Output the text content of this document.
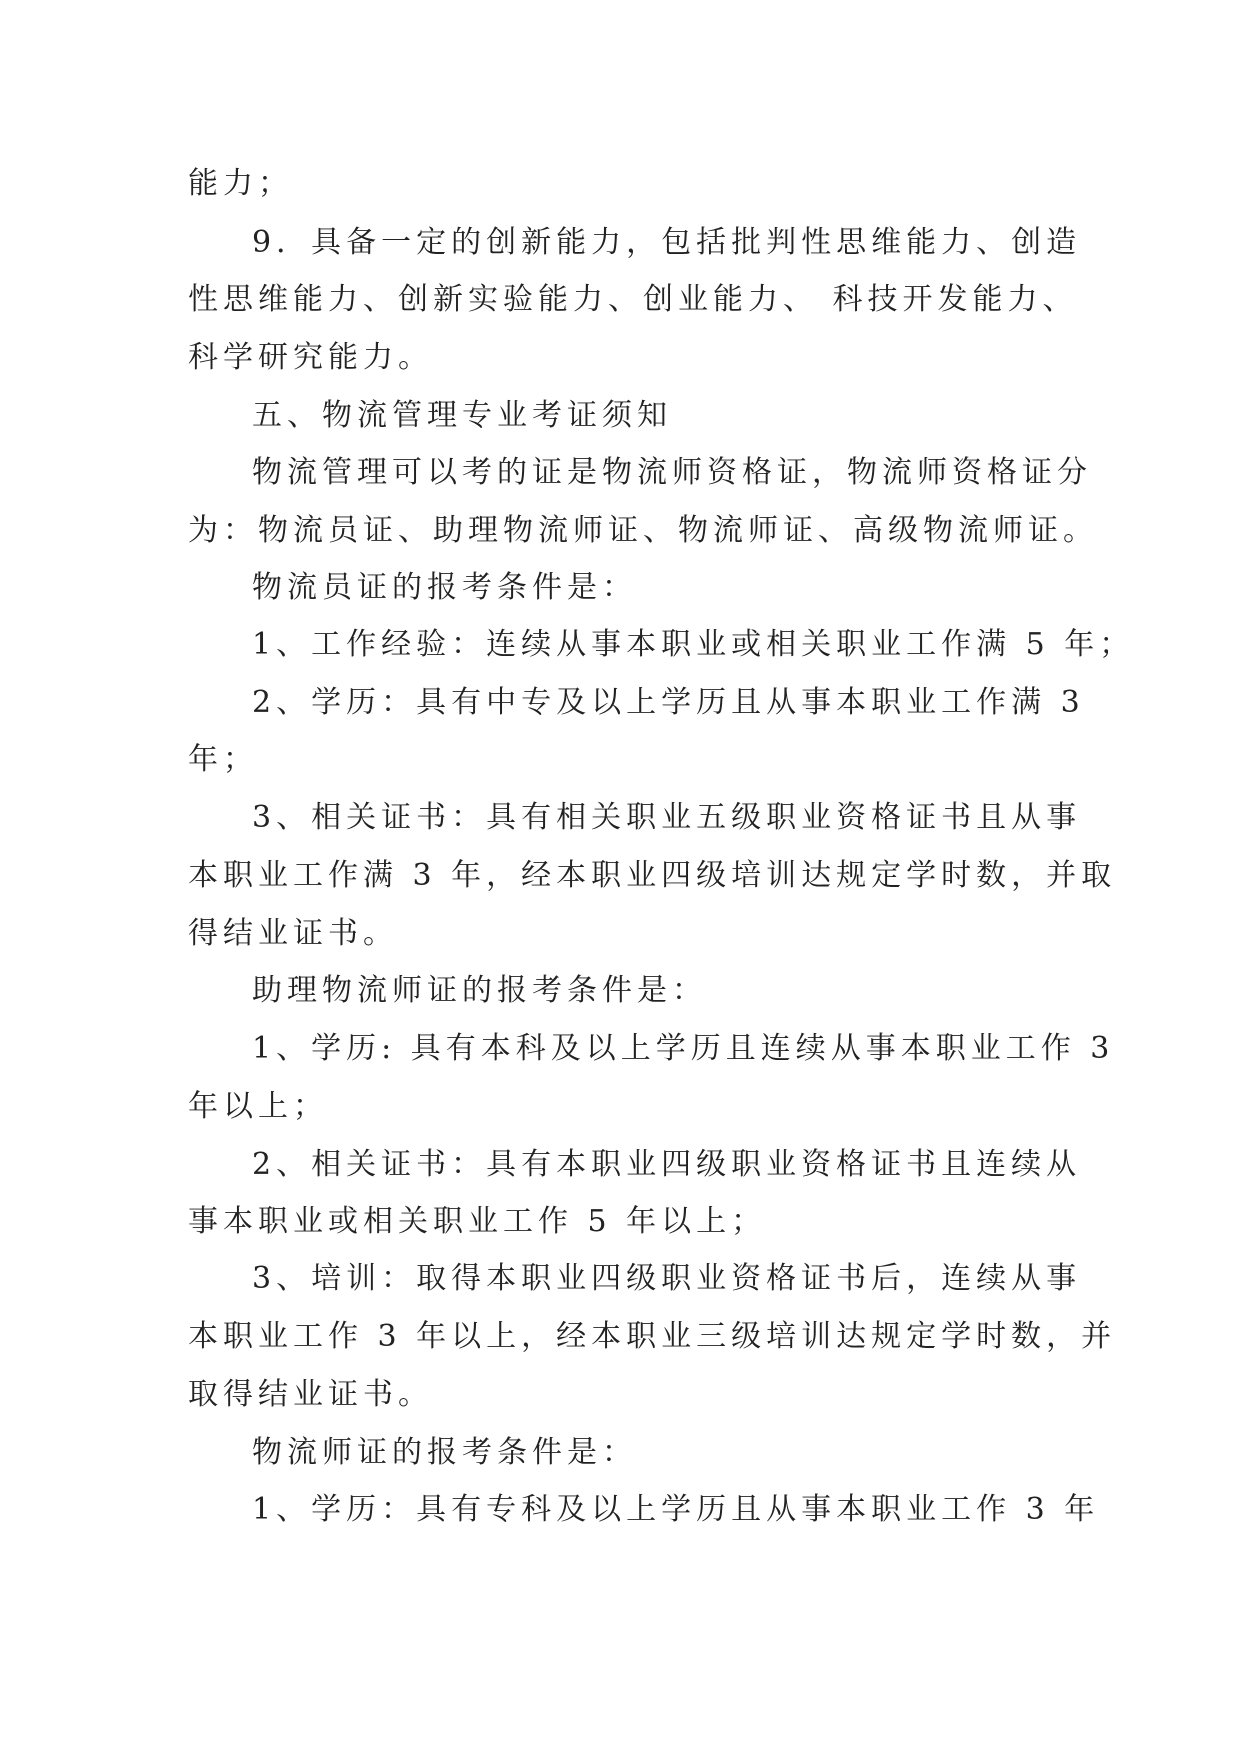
能力；
9．具备一定的创新能力，包括批判性思维能力、创造
性思维能力、创新实验能力、创业能力、 科技开发能力、
科学研究能力。
五、物流管理专业考证须知
物流管理可以考的证是物流师资格证，物流师资格证分
为：物流员证、助理物流师证、物流师证、高级物流师证。
物流员证的报考条件是：
1、工作经验：连续从事本职业或相关职业工作满 5 年；
2、学历：具有中专及以上学历且从事本职业工作满 3
年；
3、相关证书：具有相关职业五级职业资格证书且从事
本职业工作满 3 年，经本职业四级培训达规定学时数，并取
得结业证书。
助理物流师证的报考条件是：
1、学历: 具有本科及以上学历且连续从事本职业工作 3
年以上；
2、相关证书：具有本职业四级职业资格证书且连续从
事本职业或相关职业工作 5 年以上；
3、培训：取得本职业四级职业资格证书后，连续从事
本职业工作 3 年以上，经本职业三级培训达规定学时数，并
取得结业证书。
物流师证的报考条件是：
1、学历：具有专科及以上学历且从事本职业工作 3 年
